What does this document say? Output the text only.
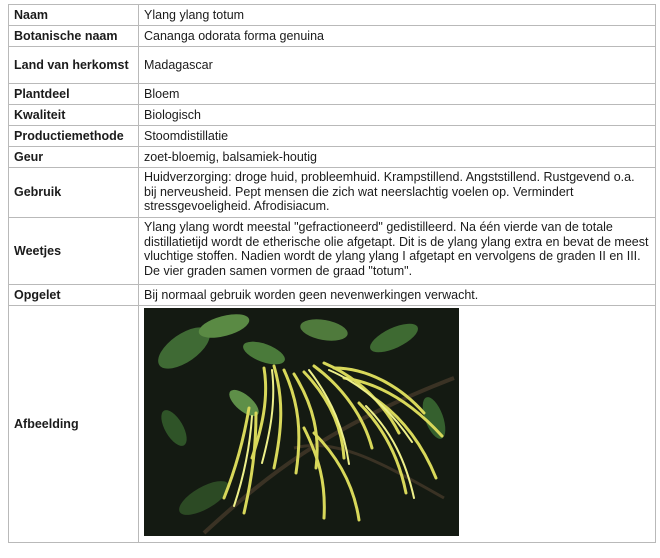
Naam	Ylang ylang totum
Botanische naam	Cananga odorata forma genuina
Land van herkomst	Madagascar
Plantdeel	Bloem
Kwaliteit	Biologisch
Productiemethode	Stoomdistillatie
Geur	zoet-bloemig, balsamiek-houtig
Gebruik	Huidverzorging: droge huid, probleemhuid. Krampstillend. Angststillend. Rustgevend o.a. bij nerveusheid. Pept mensen die zich wat neerslachtig voelen op. Vermindert stressgevoeligheid. Afrodisiacum.
Weetjes	Ylang ylang wordt meestal "gefractioneerd" gedistilleerd. Na één vierde van de totale distillatietijd wordt de etherische olie afgetapt. Dit is de ylang ylang extra en bevat de meest vluchtige stoffen. Nadien wordt de ylang ylang I afgetapt en vervolgens de graden II en III. De vier graden samen vormen de graad "totum".
Opgelet	Bij normaal gebruik worden geen nevenwerkingen verwacht.
Afbeelding	
